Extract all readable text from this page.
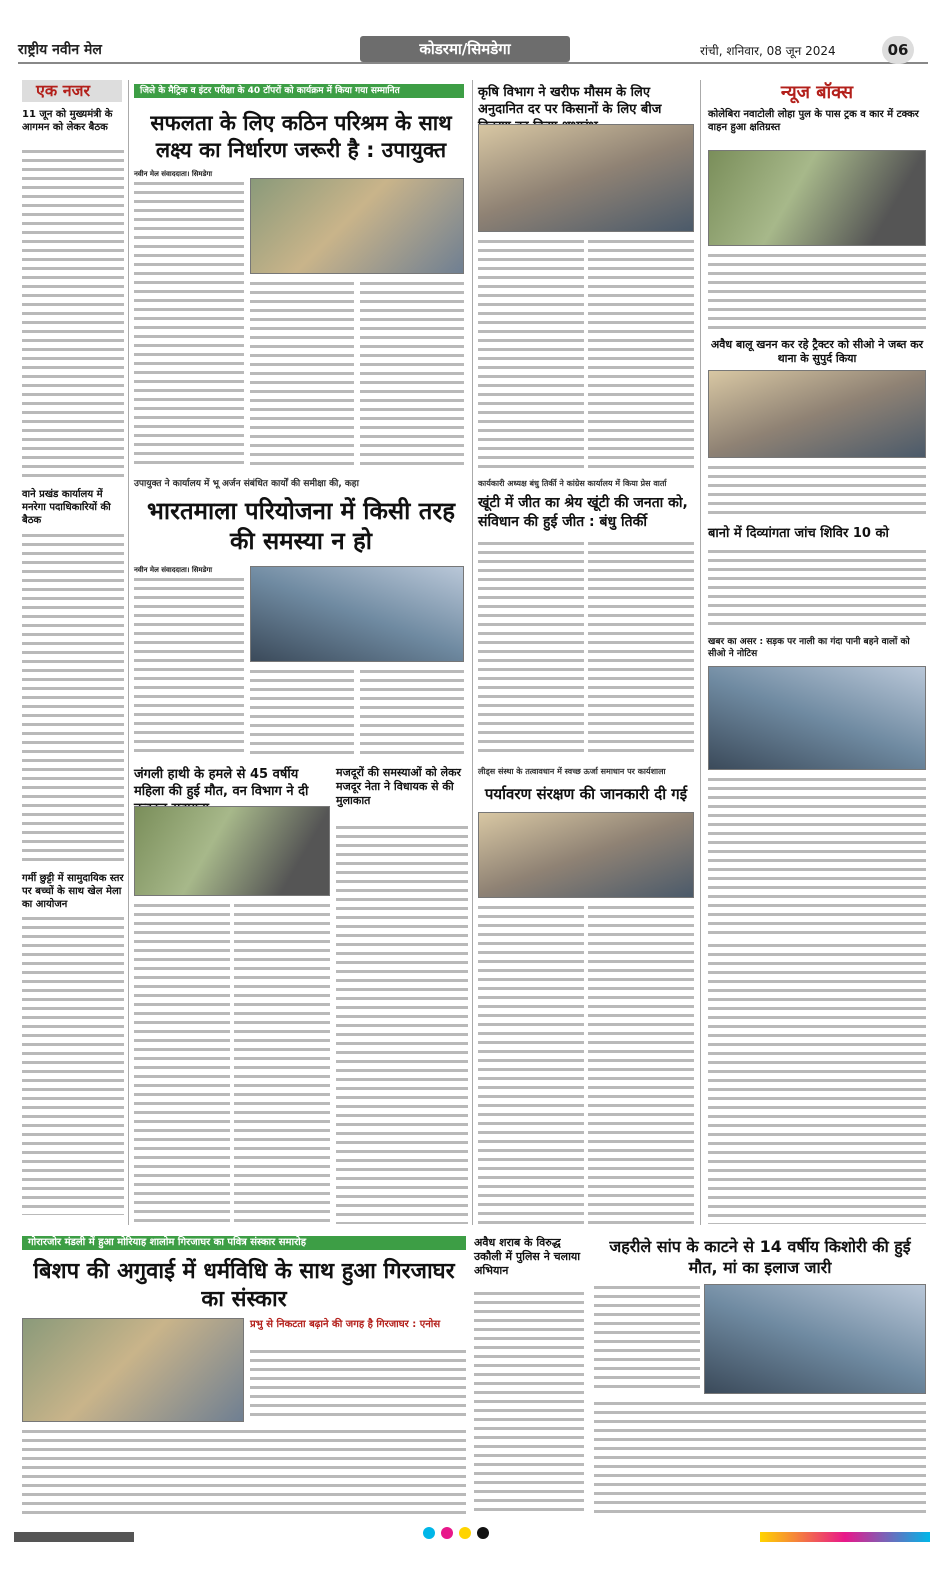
राष्ट्रीय नवीन मेल	कोडरमा/सिमडेगा	रांची, शनिवार, 08 जून 2024	06
एक नजर
11 जून को मुख्यमंत्री के आगमन को लेकर बैठक
वाने प्रखंड कार्यालय में मनरेगा पदाधिकारियों की बैठक
गर्मी छुट्टी में सामुदायिक स्तर पर बच्चों के साथ खेल मेला का आयोजन
जिले के मैट्रिक व इंटर परीक्षा के 40 टॉपरों को कार्यक्रम में किया गया सम्मानित
सफलता के लिए कठिन परिश्रम के साथ लक्ष्य का निर्धारण जरूरी है : उपायुक्त
नवीन मेल संवाददाता। सिमडेगा
कृषि विभाग ने खरीफ मौसम के लिए अनुदानित दर पर किसानों के लिए बीज
न्यूज बॉक्स
कोलेबिरा नवाटोली लोहा पुल के पास ट्रक व कार में टक्कर वाहन हुआ क्षतिग्रस्त
अवैध बालू खनन कर रहे ट्रैक्टर को सीओ ने जब्त कर थाना के सुपुर्द किया
बानो में दिव्यांगता जांच शिविर 10 को
खबर का असर : सड़क पर नाली का गंदा पानी बहने वालों को सीओ ने नोटिस
उपायुक्त ने कार्यालय में भू अर्जन संबंधित कार्यों की समीक्षा की, कहा
भारतमाला परियोजना में किसी तरह की समस्या न हो
नवीन मेल संवाददाता। सिमडेगा
कार्यकारी अध्यक्ष बंधु तिर्की ने कांग्रेस कार्यालय में किया प्रेस वार्ता
खूंटी में जीत का श्रेय खूंटी की जनता को, संविधान की हुई जीत : बंधु तिर्की
जंगली हाथी के हमले से 45 वर्षीय महिला की हुई मौत, वन विभाग ने दी
मजदूरों की समस्याओं को लेकर मजदूर नेता ने विधायक से की मुलाकात
लीड्स संस्था के तत्वावधान में स्वच्छ ऊर्जा समाधान पर कार्यशाला
पर्यावरण संरक्षण की जानकारी दी गई
गोरारजोर मंडली में हुआ मोरियाह शालोम गिरजाघर का पवित्र संस्कार समारोह
बिशप की अगुवाई में धर्मविधि के साथ हुआ गिरजाघर का संस्कार
प्रभु से निकटता बढ़ाने की जगह है गिरजाघर : एनोस
अवैध शराब के विरुद्ध उकौली में पुलिस ने चलाया अभियान
जहरीले सांप के काटने से 14 वर्षीय किशोरी की हुई मौत, मां का इलाज जारी
